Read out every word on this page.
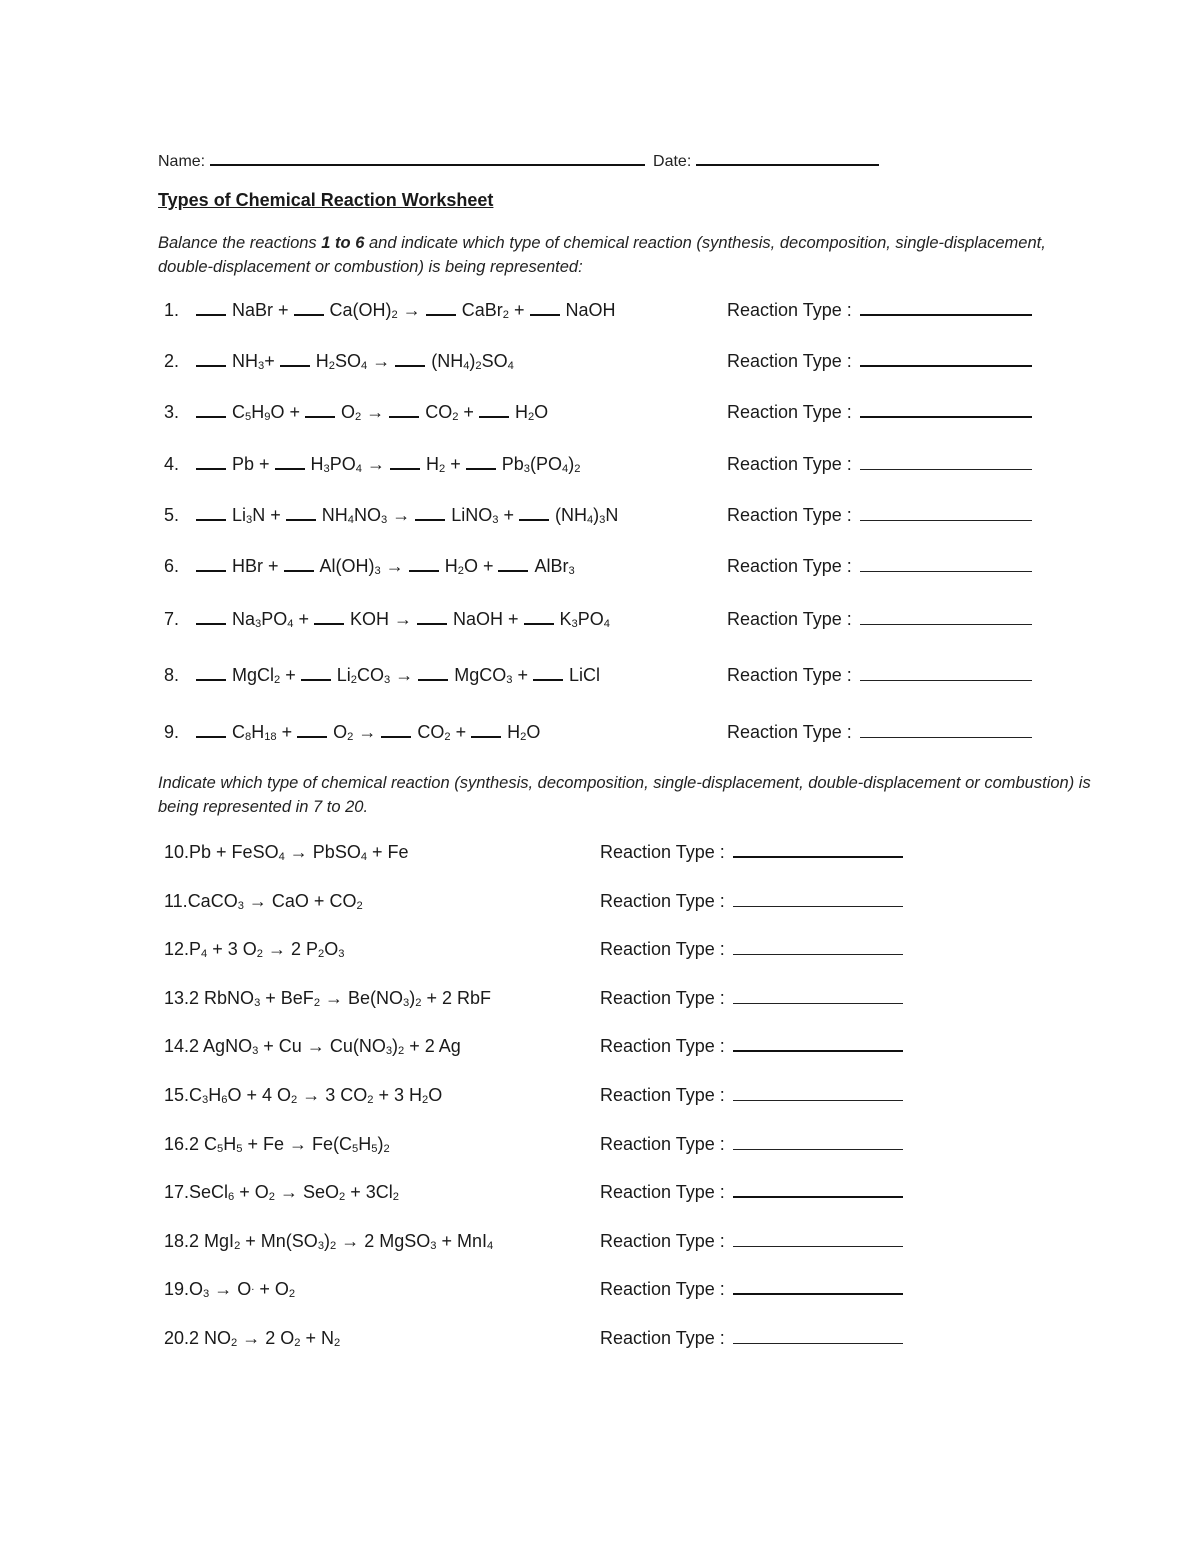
Name:	Date:
Types of Chemical Reaction Worksheet
Balance the reactions 1 to 6 and indicate which type of chemical reaction (synthesis, decomposition, single-displacement, double-displacement or combustion) is being represented:
1.	NaBr + $Ca(OH)_2$ → CaBr$_2$ + NaOH	Reaction Type :
2.	$NH_3+ H_2SO_4 \to (NH_4)_2SO_4$	Reaction Type :
3.	$C_5H_9O + O_2 \to CO_2 + H_2O$	Reaction Type :
4.	$Pb + H_3PO_4 \to H_2 + Pb_3(PO_4)_2$	Reaction Type :
5.	$Li_3N + NH_4NO_3$ → LiNO$_3$ + $(NH_4)_3N$	Reaction Type :
6.	HBr + $Al(OH)_3 \to H_2O$ + AlBr$_3$	Reaction Type :
7.	$Na_3PO_4$ + KOH → NaOH + $K_3PO_4$	Reaction Type :
8.	MgCl$_2$ + $Li_2CO_3$ → MgCO$_3$ + LiCl	Reaction Type :
9.	$C_8H_{18} + O_2 \to CO_2 + H_2O$	Reaction Type :
Indicate which type of chemical reaction (synthesis, decomposition, single-displacement, double-displacement or combustion) is being represented in 7 to 20.
10.Pb + FeSO$_4$ → PbSO$_4$ + Fe	Reaction Type :
11.CaCO$_3$ → CaO + $CO_2$	Reaction Type :
$12.P_4 + 3$ $O_2 \to 2$ $P_2O_3$	Reaction Type :
13.2 RbNO$_3$ + $BeF_2 \to Be(NO_3)_2 + 2$ RbF	Reaction Type :
14.2 AgNO$_3$ + $Cu \to Cu(NO_3)_2 + 2$ Ag	Reaction Type :
$15.C_3H_6O + 4$ $O_2 \to 3$ $CO_2 + 3$ $H_2O$	Reaction Type :
16.2 $C_5H_5 + Fe \to Fe(C_5H_5)_2$	Reaction Type :
17.SeCl$_6$ + $O_2 \to SeO_2 + 3Cl_2$	Reaction Type :
18.2 $MgI_2 + Mn(SO_3)_2 \to 2$ MgSO$_3$ + MnI$_4$	Reaction Type :
$19.O_3 \to O^. + O_2$	Reaction Type :
20.2 $NO_2 \to 2$ $O_2 + N_2$	Reaction Type :
